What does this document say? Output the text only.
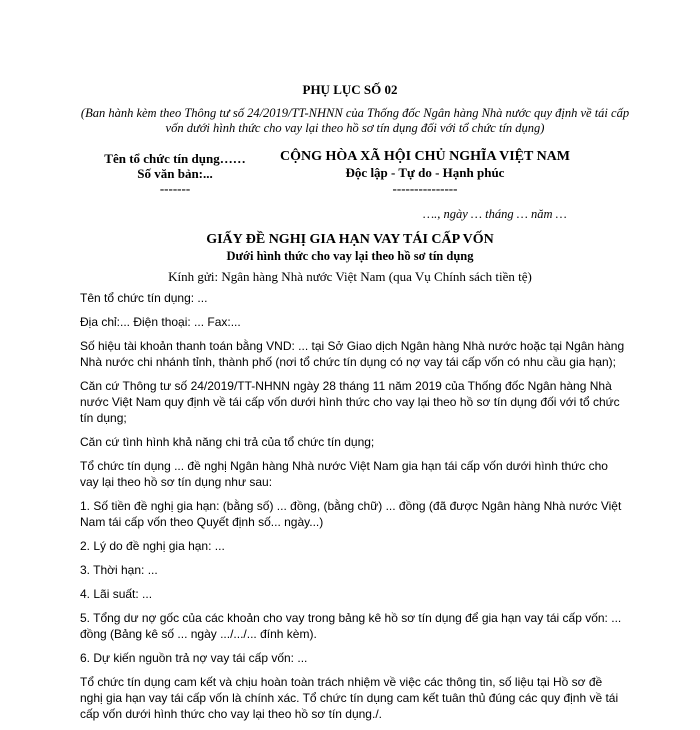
PHỤ LỤC SỐ 02
(Ban hành kèm theo Thông tư số 24/2019/TT-NHNN của Thống đốc Ngân hàng Nhà nước quy định về tái cấp vốn dưới hình thức cho vay lại theo hồ sơ tín dụng đối với tổ chức tín dụng)
Tên tổ chức tín dụng……
Số văn bản:...
-------
CỘNG HÒA XÃ HỘI CHỦ NGHĨA VIỆT NAM
Độc lập - Tự do - Hạnh phúc
---------------
…., ngày … tháng … năm …
GIẤY ĐỀ NGHỊ GIA HẠN VAY TÁI CẤP VỐN
Dưới hình thức cho vay lại theo hồ sơ tín dụng
Kính gửi: Ngân hàng Nhà nước Việt Nam (qua Vụ Chính sách tiền tệ)

Tên tổ chức tín dụng: ...

Địa chỉ:... Điện thoại: ... Fax:...

Số hiệu tài khoản thanh toán bằng VND: ... tại Sở Giao dịch Ngân hàng Nhà nước hoặc tại Ngân hàng Nhà nước chi nhánh tỉnh, thành phố (nơi tổ chức tín dụng có nợ vay tái cấp vốn có nhu cầu gia hạn);

Căn cứ Thông tư số 24/2019/TT-NHNN ngày 28 tháng 11 năm 2019 của Thống đốc Ngân hàng Nhà nước Việt Nam quy định về tái cấp vốn dưới hình thức cho vay lại theo hồ sơ tín dụng đối với tổ chức tín dụng;

Căn cứ tình hình khả năng chi trả của tổ chức tín dụng;

Tổ chức tín dụng ... đề nghị Ngân hàng Nhà nước Việt Nam gia hạn tái cấp vốn dưới hình thức cho vay lại theo hồ sơ tín dụng như sau:

1. Số tiền đề nghị gia hạn: (bằng số) ... đồng, (bằng chữ) ... đồng (đã được Ngân hàng Nhà nước Việt Nam tái cấp vốn theo Quyết định số... ngày...)

2. Lý do đề nghị gia hạn: ...

3. Thời hạn: ...

4. Lãi suất: ...

5. Tổng dư nợ gốc của các khoản cho vay trong bảng kê hồ sơ tín dụng để gia hạn vay tái cấp vốn: ... đồng (Bảng kê số ... ngày .../.../... đính kèm).

6. Dự kiến nguồn trả nợ vay tái cấp vốn: ...

Tổ chức tín dụng cam kết và chịu hoàn toàn trách nhiệm về việc các thông tin, số liệu tại Hồ sơ đề nghị gia hạn vay tái cấp vốn là chính xác. Tổ chức tín dụng cam kết tuân thủ đúng các quy định về tái cấp vốn dưới hình thức cho vay lại theo hồ sơ tín dụng./.
